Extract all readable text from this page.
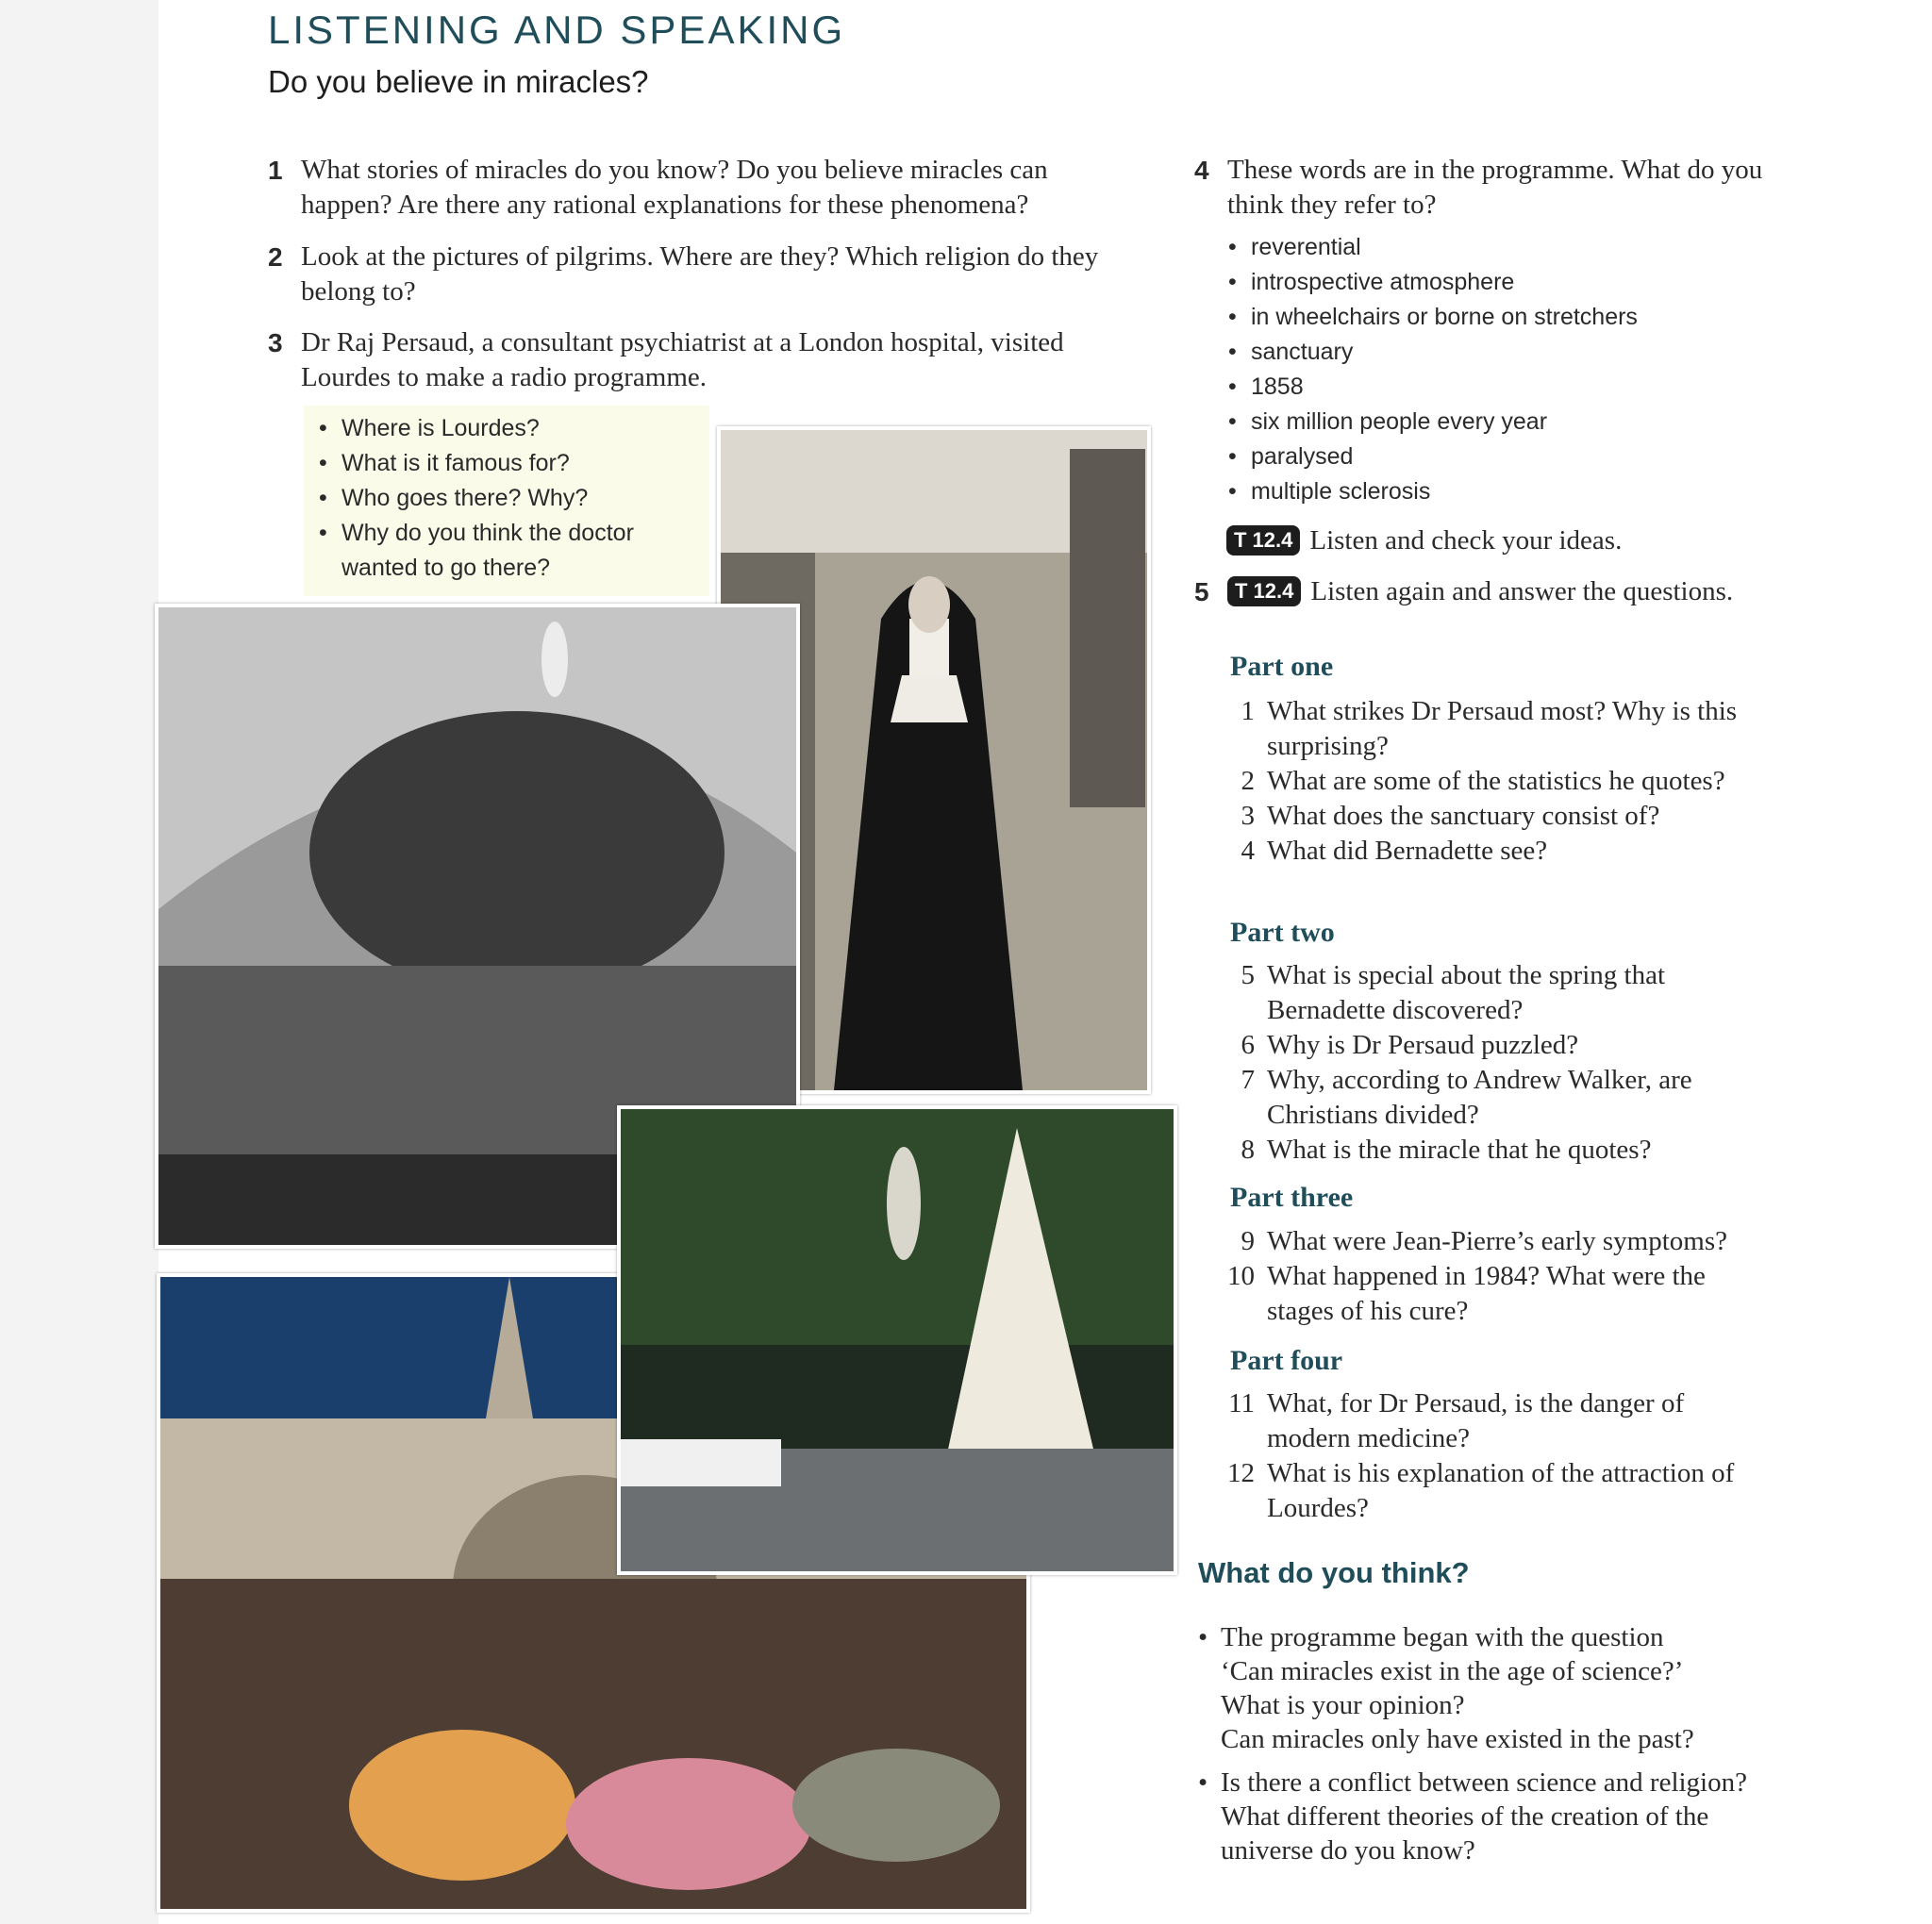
LISTENING AND SPEAKING
Do you believe in miracles?
1 What stories of miracles do you know? Do you believe miracles can happen? Are there any rational explanations for these phenomena?
2 Look at the pictures of pilgrims. Where are they? Which religion do they belong to?
3 Dr Raj Persaud, a consultant psychiatrist at a London hospital, visited Lourdes to make a radio programme.
• Where is Lourdes?
• What is it famous for?
• Who goes there? Why?
• Why do you think the doctor wanted to go there?
4 These words are in the programme. What do you think they refer to?
• reverential
• introspective atmosphere
• in wheelchairs or borne on stretchers
• sanctuary
• 1858
• six million people every year
• paralysed
• multiple sclerosis
T 12.4 Listen and check your ideas.
5	T 12.4 Listen again and answer the questions.
Part one
1 What strikes Dr Persaud most? Why is this surprising?
2 What are some of the statistics he quotes?
3 What does the sanctuary consist of?
4 What did Bernadette see?
Part two
5 What is special about the spring that Bernadette discovered?
6 Why is Dr Persaud puzzled?
7 Why, according to Andrew Walker, are Christians divided?
8 What is the miracle that he quotes?
Part three
9 What were Jean-Pierre’s early symptoms?
10 What happened in 1984? What were the stages of his cure?
Part four
11 What, for Dr Persaud, is the danger of modern medicine?
12 What is his explanation of the attraction of Lourdes?
What do you think?
• The programme began with the question
‘Can miracles exist in the age of science?’
What is your opinion?
Can miracles only have existed in the past?
• Is there a conflict between science and religion? What different theories of the creation of the universe do you know?
